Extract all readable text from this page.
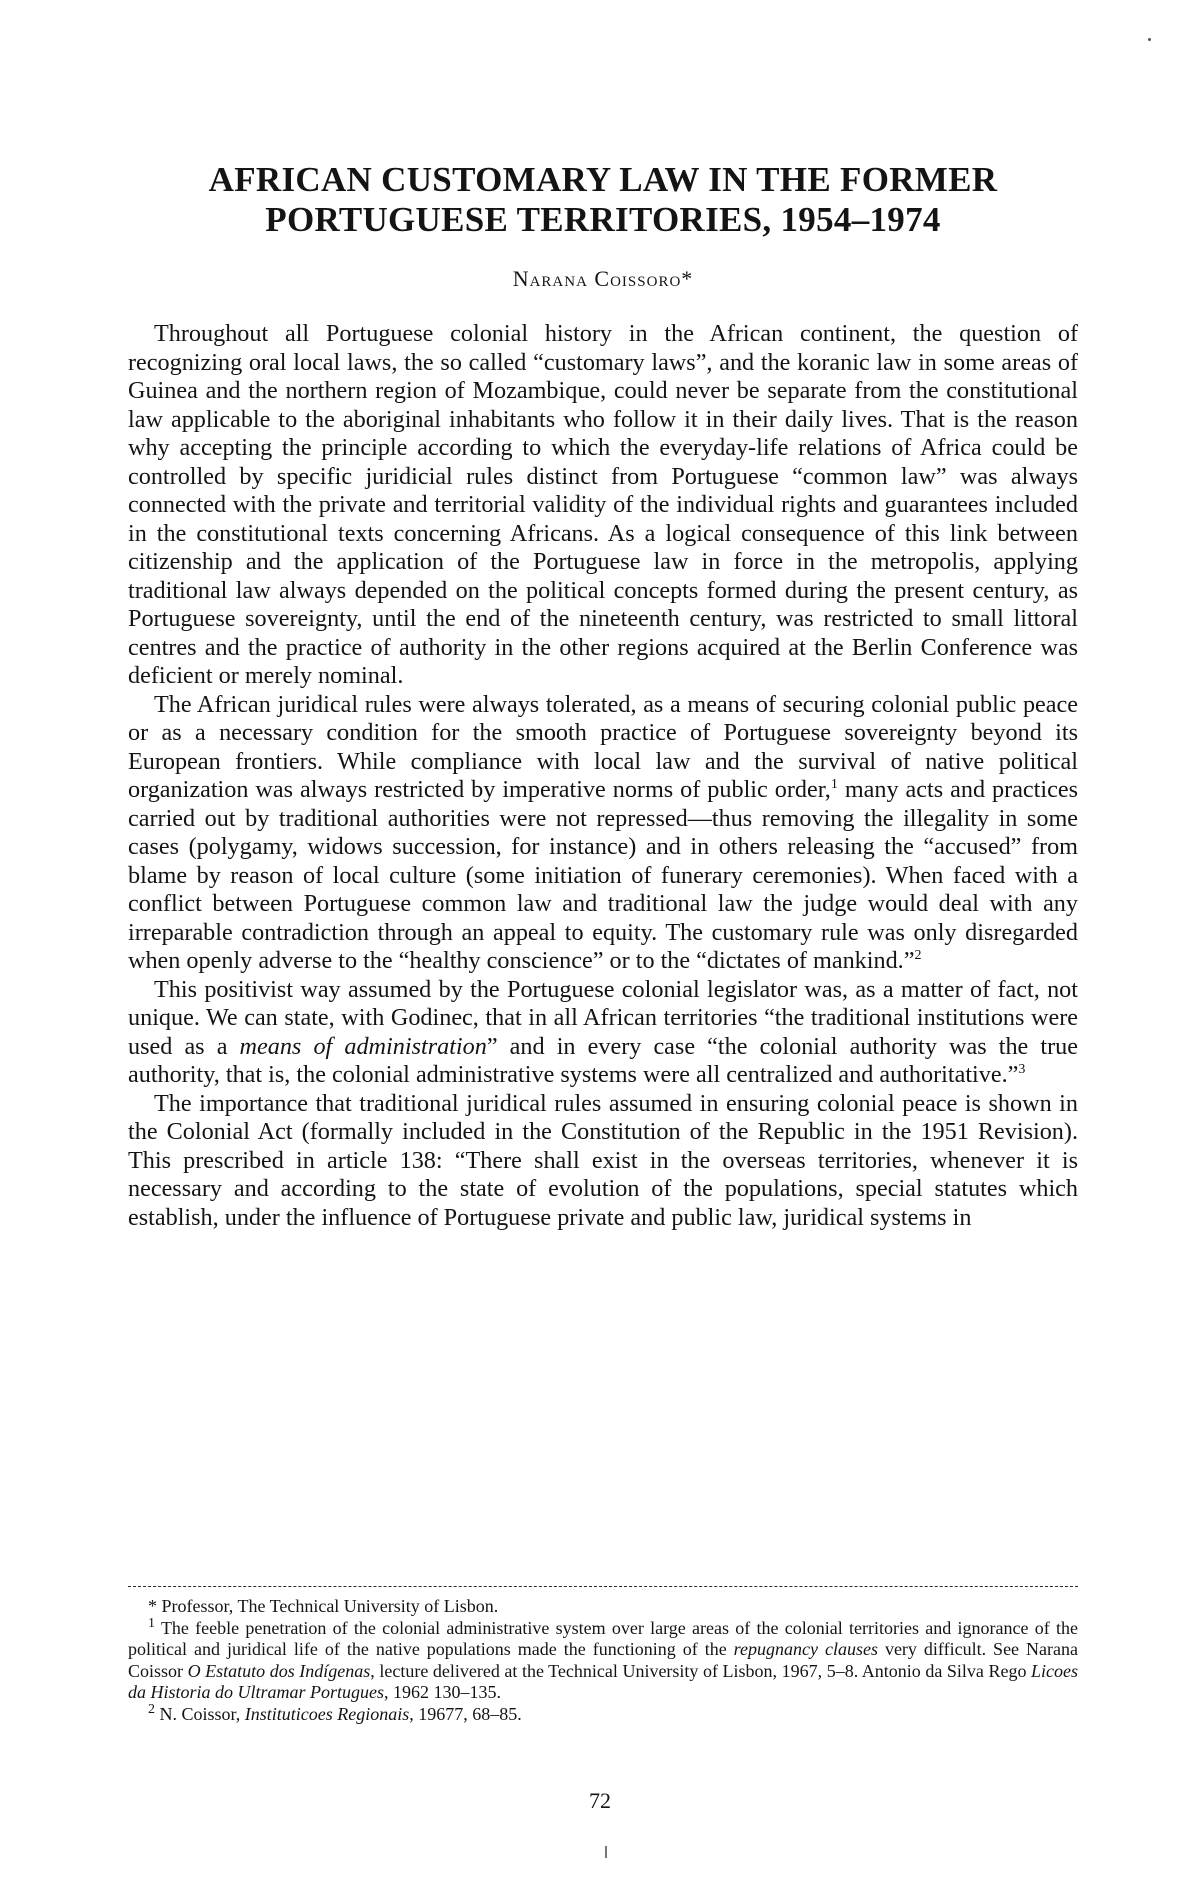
AFRICAN CUSTOMARY LAW IN THE FORMER
PORTUGUESE TERRITORIES, 1954–1974
Narana Coissoro*

Throughout all Portuguese colonial history in the African continent, the question of recognizing oral local laws, the so called “customary laws”, and the koranic law in some areas of Guinea and the northern region of Mozambique, could never be separate from the constitutional law applicable to the aboriginal inhabitants who follow it in their daily lives. That is the reason why accepting the principle according to which the everyday-life relations of Africa could be controlled by specific juridicial rules distinct from Portuguese “common law” was always connected with the private and territorial validity of the individual rights and guarantees included in the constitutional texts concerning Africans. As a logical consequence of this link between citizenship and the application of the Portuguese law in force in the metropolis, applying traditional law always depended on the political concepts formed during the present century, as Portuguese sovereignty, until the end of the nineteenth century, was restricted to small littoral centres and the practice of authority in the other regions acquired at the Berlin Conference was deficient or merely nominal.

The African juridical rules were always tolerated, as a means of securing colonial public peace or as a necessary condition for the smooth practice of Portuguese sovereignty beyond its European frontiers. While compliance with local law and the survival of native political organization was always restricted by imperative norms of public order,$^1$ many acts and practices carried out by traditional authorities were not repressed—thus removing the illegality in some cases (polygamy, widows succession, for instance) and in others releasing the “accused” from blame by reason of local culture (some initiation of funerary ceremonies). When faced with a conflict between Portuguese common law and traditional law the judge would deal with any irreparable contradiction through an appeal to equity. The customary rule was only disregarded when openly adverse to the “healthy conscience” or to the “dictates of mankind.”$^2$

This positivist way assumed by the Portuguese colonial legislator was, as a matter of fact, not unique. We can state, with Godinec, that in all African territories “the traditional institutions were used as a means of administration” and in every case “the colonial authority was the true authority, that is, the colonial administrative systems were all centralized and authoritative.”$^3$

The importance that traditional juridical rules assumed in ensuring colonial peace is shown in the Colonial Act (formally included in the Constitution of the Republic in the 1951 Revision). This prescribed in article 138: “There shall exist in the overseas territories, whenever it is necessary and according to the state of evolution of the populations, special statutes which establish, under the influence of Portuguese private and public law, juridical systems in

* Professor, The Technical University of Lisbon.

$^1$ The feeble penetration of the colonial administrative system over large areas of the colonial territories and ignorance of the political and juridical life of the native populations made the functioning of the repugnancy clauses very difficult. See Narana Coissor O Estatuto dos Indígenas, lecture delivered at the Technical University of Lisbon, 1967, 5–8. Antonio da Silva Rego Licoes da Historia do Ultramar Portugues, 1962 130–135.

$^2$ N. Coissor, Instituticoes Regionais, 19677, 68–85.

72
